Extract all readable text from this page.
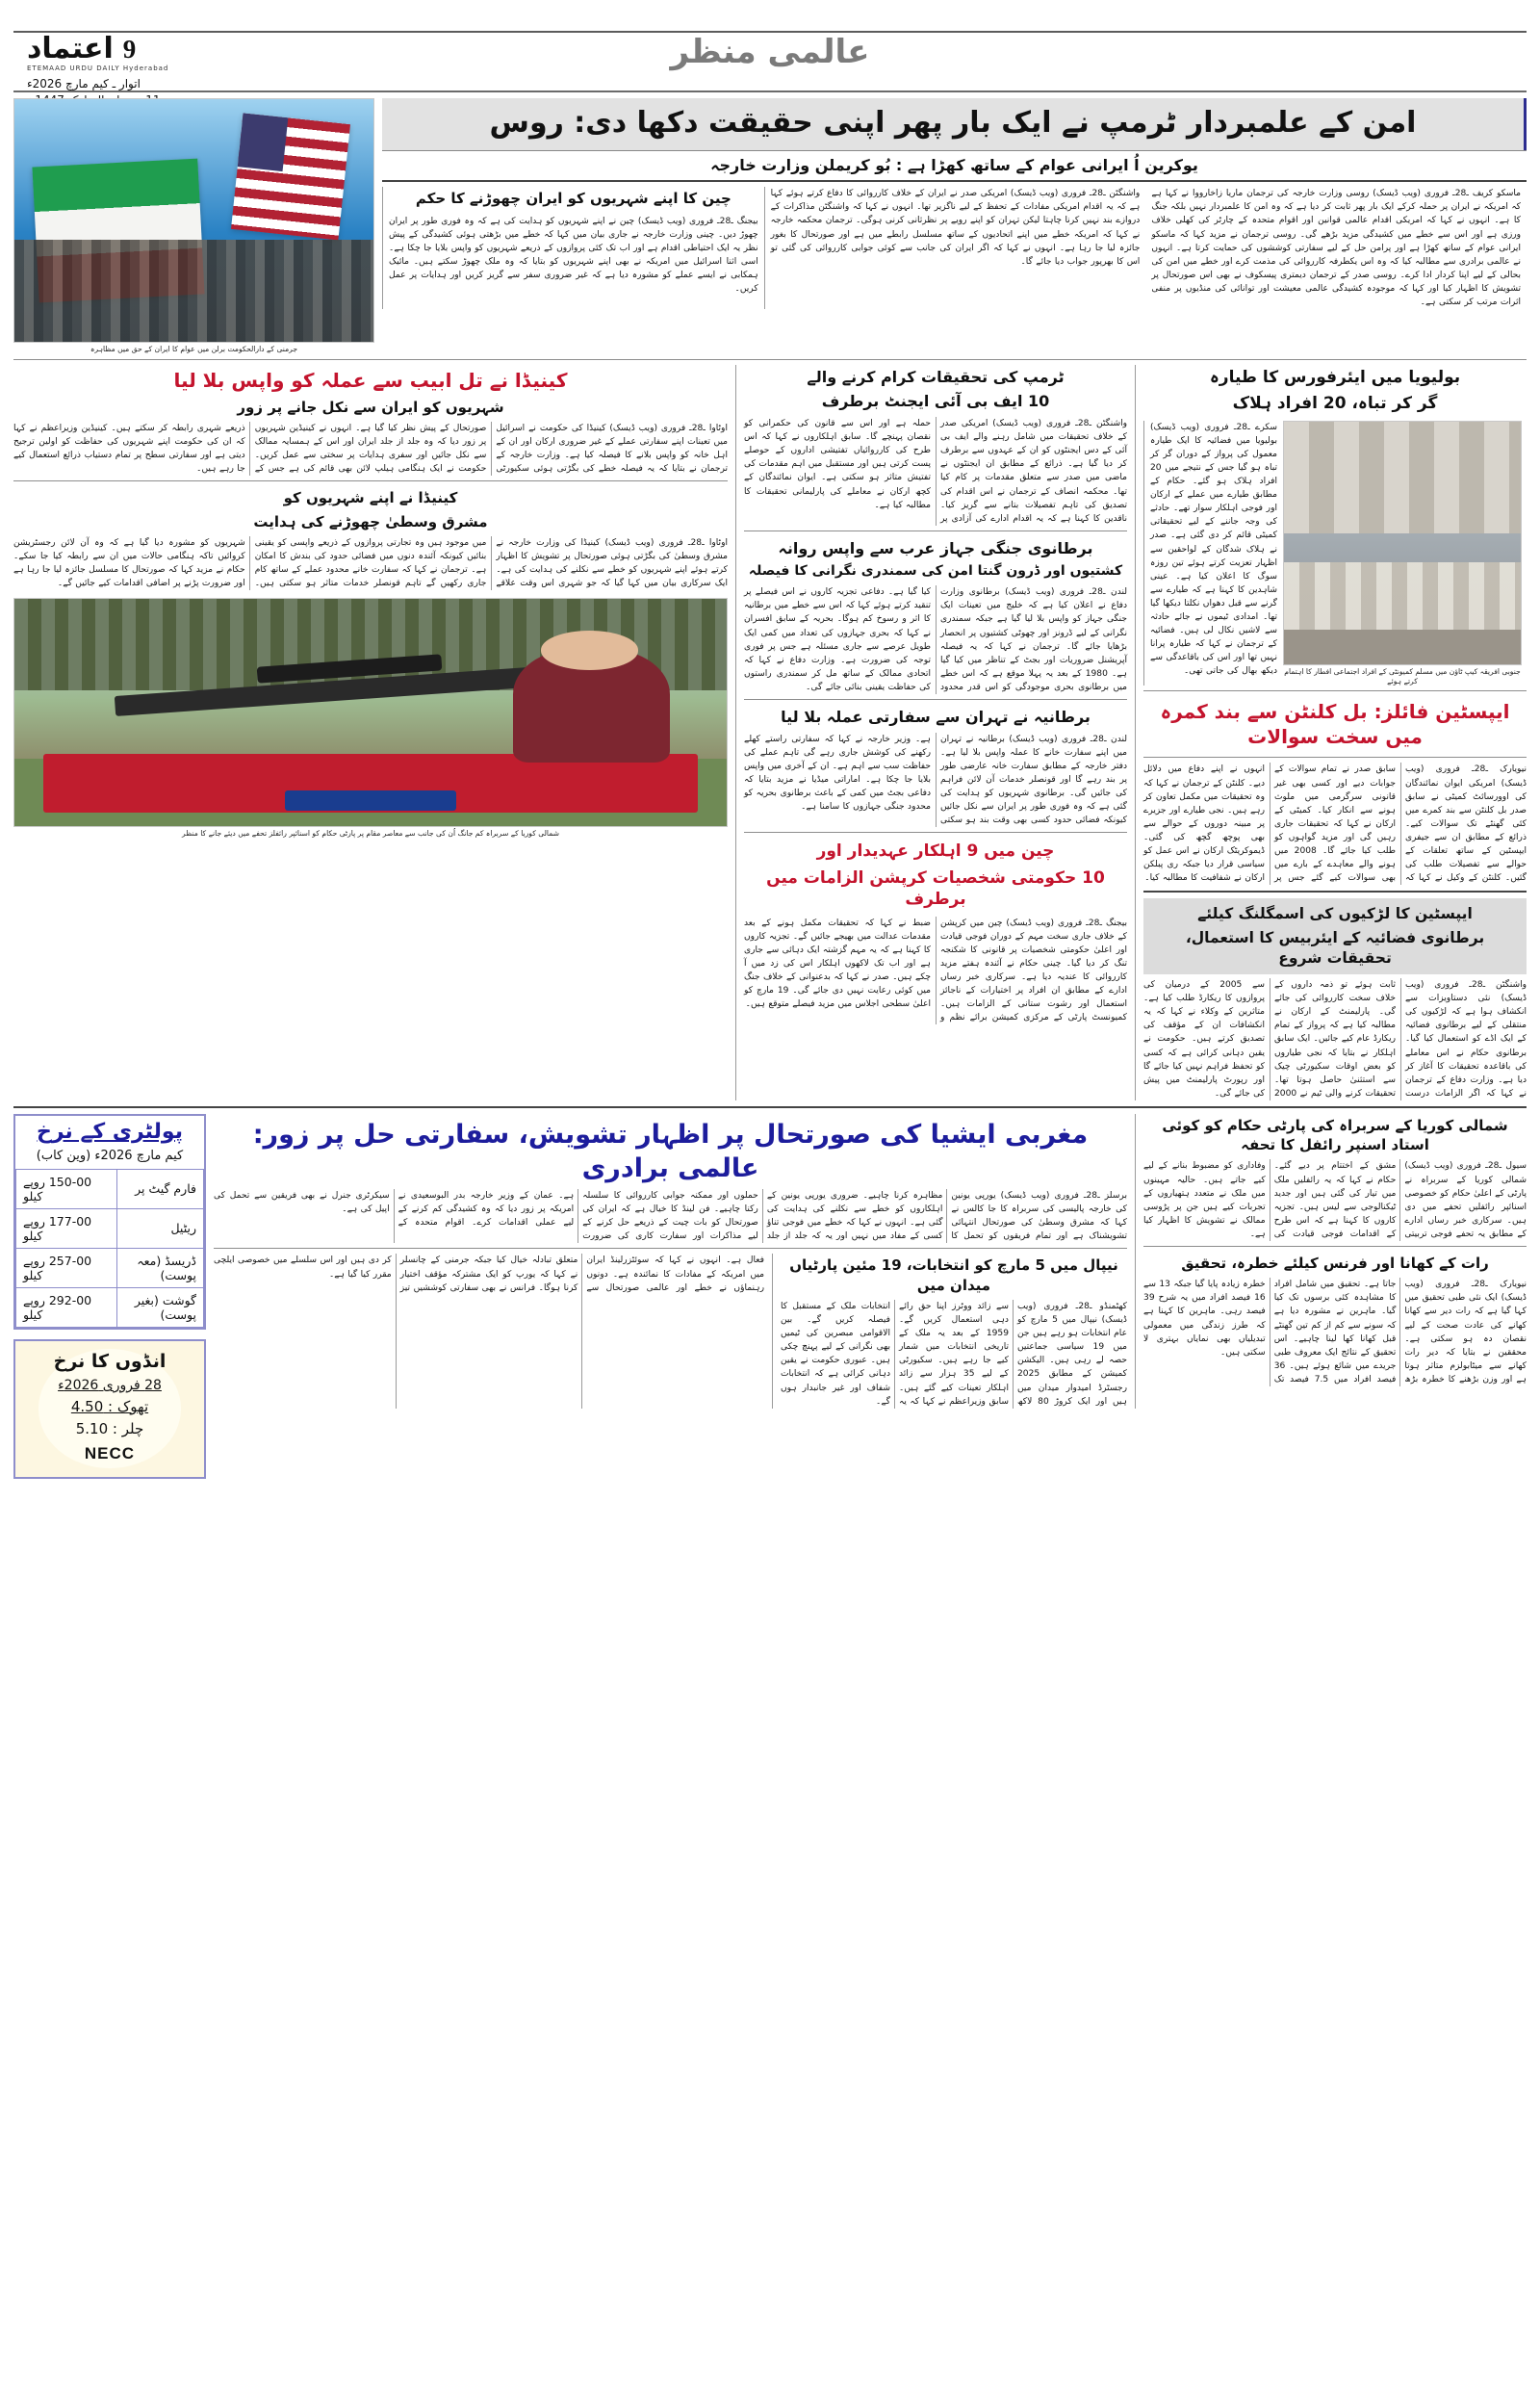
9اعتماد
ETEMAAD URDU DAILY Hyderabad
اتوار ـ کیم مارچ 2026ء
عالمی منظر
امن کے علمبردار ٹرمپ نے ایک بار پھر اپنی حقیقت دکھا دی: روس
یوکرین اُ ایرانی عوام کے ساتھ کھڑا ہے : بُو کریملن وزارت خارجہ
ماسکو کریف ـ28ـ فروری (ویب ڈیسک) روسی وزارت خارجہ کی ترجمان ماریا زاخارووا نے کہا ہے کہ امریکہ نے ایران پر حملہ کرکے ایک بار پھر ثابت کر دیا ہے کہ وہ امن کا علمبردار نہیں بلکہ جنگ کا ہے۔ انہوں نے کہا کہ امریکی اقدام عالمی قوانین اور اقوام متحدہ کے چارٹر کی کھلی خلاف ورزی ہے اور اس سے خطے میں کشیدگی مزید بڑھے گی۔ روسی ترجمان نے مزید کہا کہ ماسکو ایرانی عوام کے ساتھ کھڑا ہے اور پرامن حل کے لیے سفارتی کوششوں کی حمایت کرتا ہے۔ انہوں نے عالمی برادری سے مطالبہ کیا کہ وہ اس یکطرفہ کارروائی کی مذمت کرے اور خطے میں امن کی بحالی کے لیے اپنا کردار ادا کرے۔ روسی صدر کے ترجمان دیمتری پیسکوف نے بھی اس صورتحال پر تشویش کا اظہار کیا اور کہا کہ موجودہ کشیدگی عالمی معیشت اور توانائی کی منڈیوں پر منفی اثرات مرتب کر سکتی ہے۔
واشنگٹن ـ28ـ فروری (ویب ڈیسک) امریکی صدر نے ایران کے خلاف کارروائی کا دفاع کرتے ہوئے کہا ہے کہ یہ اقدام امریکی مفادات کے تحفظ کے لیے ناگزیر تھا۔ انہوں نے کہا کہ واشنگٹن مذاکرات کے دروازے بند نہیں کرنا چاہتا لیکن تہران کو اپنے رویے پر نظرثانی کرنی ہوگی۔ ترجمان محکمہ خارجہ نے کہا کہ امریکہ خطے میں اپنے اتحادیوں کے ساتھ مسلسل رابطے میں ہے اور صورتحال کا بغور جائزہ لیا جا رہا ہے۔ انہوں نے کہا کہ اگر ایران کی جانب سے کوئی جوابی کارروائی کی گئی تو اس کا بھرپور جواب دیا جائے گا۔
چین کا اپنے شہریوں کو ایران چھوڑنے کا حکم
بیجنگ ـ28ـ فروری (ویب ڈیسک) چین نے اپنے شہریوں کو ہدایت کی ہے کہ وہ فوری طور پر ایران چھوڑ دیں۔ چینی وزارت خارجہ نے جاری بیان میں کہا کہ خطے میں بڑھتی ہوئی کشیدگی کے پیش نظر یہ ایک احتیاطی اقدام ہے اور اب تک کئی پروازوں کے ذریعے شہریوں کو واپس بلایا جا چکا ہے۔ اسی اثنا اسرائیل میں امریکہ نے بھی اپنے شہریوں کو بتایا کہ وہ ملک چھوڑ سکتے ہیں۔ مائیک ہمکابی نے ایسے عملے کو مشورہ دیا ہے کہ غیر ضروری سفر سے گریز کریں اور ہدایات پر عمل کریں۔
جرمنی کے دارالحکومت برلن میں عوام کا ایران کے حق میں مظاہرہ
بولیویا میں ایئرفورس کا طیارہ
گر کر تباہ، 20 افراد ہلاک
جنوبی افریقہ کیپ ٹاؤن میں مسلم کمیونٹی کے افراد اجتماعی افطار کا اہتمام کرتے ہوئے
سکرے ـ28ـ فروری (ویب ڈیسک) بولیویا میں فضائیہ کا ایک طیارہ معمول کی پرواز کے دوران گر کر تباہ ہو گیا جس کے نتیجے میں 20 افراد ہلاک ہو گئے۔ حکام کے مطابق طیارے میں عملے کے ارکان اور فوجی اہلکار سوار تھے۔ حادثے کی وجہ جاننے کے لیے تحقیقاتی کمیٹی قائم کر دی گئی ہے۔ صدر نے ہلاک شدگان کے لواحقین سے اظہار تعزیت کرتے ہوئے تین روزہ سوگ کا اعلان کیا ہے۔ عینی شاہدین کا کہنا ہے کہ طیارے سے گرنے سے قبل دھواں نکلتا دیکھا گیا تھا۔ امدادی ٹیموں نے جائے حادثہ سے لاشیں نکال لی ہیں۔ فضائیہ کے ترجمان نے کہا کہ طیارہ پرانا نہیں تھا اور اس کی باقاعدگی سے دیکھ بھال کی جاتی تھی۔
ایپسٹین فائلز: بل کلنٹن سے بند کمرہ میں سخت سوالات
نیویارک ـ28ـ فروری (ویب ڈیسک) امریکی ایوان نمائندگان کی اوورسائٹ کمیٹی نے سابق صدر بل کلنٹن سے بند کمرے میں کئی گھنٹے تک سوالات کیے۔ ذرائع کے مطابق ان سے جیفری ایپسٹین کے ساتھ تعلقات کے حوالے سے تفصیلات طلب کی گئیں۔ کلنٹن کے وکیل نے کہا کہ سابق صدر نے تمام سوالات کے جوابات دیے اور کسی بھی غیر قانونی سرگرمی میں ملوث ہونے سے انکار کیا۔ کمیٹی کے ارکان نے کہا کہ تحقیقات جاری رہیں گی اور مزید گواہوں کو طلب کیا جائے گا۔ 2008 میں ہونے والے معاہدے کے بارے میں بھی سوالات کیے گئے جس پر انہوں نے اپنے دفاع میں دلائل دیے۔ کلنٹن کے ترجمان نے کہا کہ وہ تحقیقات میں مکمل تعاون کر رہے ہیں۔ نجی طیارے اور جزیرے پر مبینہ دوروں کے حوالے سے بھی پوچھ گچھ کی گئی۔ ڈیموکریٹک ارکان نے اس عمل کو سیاسی قرار دیا جبکہ ری پبلکن ارکان نے شفافیت کا مطالبہ کیا۔
ایپسٹین کا لڑکیوں کی اسمگلنگ کیلئے
برطانوی فضائیہ کے ایئربیس کا استعمال، تحقیقات شروع
واشنگٹن ـ28ـ فروری (ویب ڈیسک) نئی دستاویزات سے انکشاف ہوا ہے کہ لڑکیوں کی منتقلی کے لیے برطانوی فضائیہ کے ایک اڈے کو استعمال کیا گیا۔ برطانوی حکام نے اس معاملے کی باقاعدہ تحقیقات کا آغاز کر دیا ہے۔ وزارت دفاع کے ترجمان نے کہا کہ اگر الزامات درست ثابت ہوئے تو ذمہ داروں کے خلاف سخت کارروائی کی جائے گی۔ پارلیمنٹ کے ارکان نے مطالبہ کیا ہے کہ پرواز کے تمام ریکارڈ عام کیے جائیں۔ ایک سابق اہلکار نے بتایا کہ نجی طیاروں کو بعض اوقات سکیورٹی چیک سے استثنیٰ حاصل ہوتا تھا۔ تحقیقات کرنے والی ٹیم نے 2000 سے 2005 کے درمیان کی پروازوں کا ریکارڈ طلب کیا ہے۔ متاثرین کے وکلاء نے کہا کہ یہ انکشافات ان کے مؤقف کی تصدیق کرتے ہیں۔ حکومت نے یقین دہانی کرائی ہے کہ کسی کو تحفظ فراہم نہیں کیا جائے گا اور رپورٹ پارلیمنٹ میں پیش کی جائے گی۔
ٹرمپ کی تحقیقات کرام کرنے والے
10 ایف بی آئی ایجنٹ برطرف
واشنگٹن ـ28ـ فروری (ویب ڈیسک) امریکی صدر کے خلاف تحقیقات میں شامل رہنے والے ایف بی آئی کے دس ایجنٹوں کو ان کے عہدوں سے برطرف کر دیا گیا ہے۔ ذرائع کے مطابق ان ایجنٹوں نے ماضی میں صدر سے متعلق مقدمات پر کام کیا تھا۔ محکمہ انصاف کے ترجمان نے اس اقدام کی تصدیق کی تاہم تفصیلات بتانے سے گریز کیا۔ ناقدین کا کہنا ہے کہ یہ اقدام ادارے کی آزادی پر حملہ ہے اور اس سے قانون کی حکمرانی کو نقصان پہنچے گا۔ سابق اہلکاروں نے کہا کہ اس طرح کی کارروائیاں تفتیشی اداروں کے حوصلے پست کرتی ہیں اور مستقبل میں اہم مقدمات کی تفتیش متاثر ہو سکتی ہے۔ ایوان نمائندگان کے کچھ ارکان نے معاملے کی پارلیمانی تحقیقات کا مطالبہ کیا ہے۔
برطانوی جنگی جہاز عرب سے واپس روانہ
کشتیوں اور ڈرون گنتا امن کی سمندری نگرانی کا فیصلہ
لندن ـ28ـ فروری (ویب ڈیسک) برطانوی وزارت دفاع نے اعلان کیا ہے کہ خلیج میں تعینات ایک جنگی جہاز کو واپس بلا لیا گیا ہے جبکہ سمندری نگرانی کے لیے ڈرونز اور چھوٹی کشتیوں پر انحصار بڑھایا جائے گا۔ ترجمان نے کہا کہ یہ فیصلہ آپریشنل ضروریات اور بجٹ کے تناظر میں کیا گیا ہے۔ 1980 کے بعد یہ پہلا موقع ہے کہ اس خطے میں برطانوی بحری موجودگی کو اس قدر محدود کیا گیا ہے۔ دفاعی تجزیہ کاروں نے اس فیصلے پر تنقید کرتے ہوئے کہا کہ اس سے خطے میں برطانیہ کا اثر و رسوخ کم ہوگا۔ بحریہ کے سابق افسران نے کہا کہ بحری جہازوں کی تعداد میں کمی ایک طویل عرصے سے جاری مسئلہ ہے جس پر فوری توجہ کی ضرورت ہے۔ وزارت دفاع نے کہا کہ اتحادی ممالک کے ساتھ مل کر سمندری راستوں کی حفاظت یقینی بنائی جائے گی۔
برطانیہ نے تہران سے سفارتی عملہ بلا لیا
لندن ـ28ـ فروری (ویب ڈیسک) برطانیہ نے تہران میں اپنے سفارت خانے کا عملہ واپس بلا لیا ہے۔ دفتر خارجہ کے مطابق سفارت خانہ عارضی طور پر بند رہے گا اور قونصلر خدمات آن لائن فراہم کی جائیں گی۔ برطانوی شہریوں کو ہدایت کی گئی ہے کہ وہ فوری طور پر ایران سے نکل جائیں کیونکہ فضائی حدود کسی بھی وقت بند ہو سکتی ہے۔ وزیر خارجہ نے کہا کہ سفارتی راستے کھلے رکھنے کی کوشش جاری رہے گی تاہم عملے کی حفاظت سب سے اہم ہے۔ ان کے آخری میں واپس بلایا جا چکا ہے۔ اماراتی میڈیا نے مزید بتایا کہ دفاعی بجٹ میں کمی کے باعث برطانوی بحریہ کو محدود جنگی جہازوں کا سامنا ہے۔
چین میں 9 اہلکار عہدیدار اور
10 حکومتی شخصیات کرپشن الزامات میں برطرف
بیجنگ ـ28ـ فروری (ویب ڈیسک) چین میں کرپشن کے خلاف جاری سخت مہم کے دوران فوجی قیادت اور اعلیٰ حکومتی شخصیات پر قانونی کا شکنجہ تنگ کر دیا گیا۔ چینی حکام نے آئندہ ہفتے مزید کارروائی کا عندیہ دیا ہے۔ سرکاری خبر رساں ادارے کے مطابق ان افراد پر اختیارات کے ناجائز استعمال اور رشوت ستانی کے الزامات ہیں۔ کمیونسٹ پارٹی کے مرکزی کمیشن برائے نظم و ضبط نے کہا کہ تحقیقات مکمل ہونے کے بعد مقدمات عدالت میں بھیجے جائیں گے۔ تجزیہ کاروں کا کہنا ہے کہ یہ مہم گزشتہ ایک دہائی سے جاری ہے اور اب تک لاکھوں اہلکار اس کی زد میں آ چکے ہیں۔ صدر نے کہا کہ بدعنوانی کے خلاف جنگ میں کوئی رعایت نہیں دی جائے گی۔ 19 مارچ کو اعلیٰ سطحی اجلاس میں مزید فیصلے متوقع ہیں۔
کینیڈا نے تل ابیب سے عملہ کو واپس بلا لیا
شہریوں کو ایران سے نکل جانے پر زور
اوٹاوا ـ28ـ فروری (ویب ڈیسک) کینیڈا کی حکومت نے اسرائیل میں تعینات اپنے سفارتی عملے کے غیر ضروری ارکان اور ان کے اہل خانہ کو واپس بلانے کا فیصلہ کیا ہے۔ وزارت خارجہ کے ترجمان نے بتایا کہ یہ فیصلہ خطے کی بگڑتی ہوئی سکیورٹی صورتحال کے پیش نظر کیا گیا ہے۔ انہوں نے کینیڈین شہریوں پر زور دیا کہ وہ جلد از جلد ایران اور اس کے ہمسایہ ممالک سے نکل جائیں اور سفری ہدایات پر سختی سے عمل کریں۔ حکومت نے ایک ہنگامی ہیلپ لائن بھی قائم کی ہے جس کے ذریعے شہری رابطہ کر سکتے ہیں۔ کینیڈین وزیراعظم نے کہا کہ ان کی حکومت اپنے شہریوں کی حفاظت کو اولین ترجیح دیتی ہے اور سفارتی سطح پر تمام دستیاب ذرائع استعمال کیے جا رہے ہیں۔
کینیڈا نے اپنے شہریوں کو
مشرق وسطیٰ چھوڑنے کی ہدایت
اوٹاوا ـ28ـ فروری (ویب ڈیسک) کینیڈا کی وزارت خارجہ نے مشرق وسطیٰ کی بگڑتی ہوئی صورتحال پر تشویش کا اظہار کرتے ہوئے اپنے شہریوں کو خطے سے نکلنے کی ہدایت کی ہے۔ ایک سرکاری بیان میں کہا گیا کہ جو شہری اس وقت علاقے میں موجود ہیں وہ تجارتی پروازوں کے ذریعے واپسی کو یقینی بنائیں کیونکہ آئندہ دنوں میں فضائی حدود کی بندش کا امکان ہے۔ ترجمان نے کہا کہ سفارت خانے محدود عملے کے ساتھ کام جاری رکھیں گے تاہم قونصلر خدمات متاثر ہو سکتی ہیں۔ شہریوں کو مشورہ دیا گیا ہے کہ وہ آن لائن رجسٹریشن کروائیں تاکہ ہنگامی حالات میں ان سے رابطہ کیا جا سکے۔ حکام نے مزید کہا کہ صورتحال کا مسلسل جائزہ لیا جا رہا ہے اور ضرورت پڑنے پر اضافی اقدامات کیے جائیں گے۔
شمالی کوریا کے سربراہ کم جانگ اُن کی جانب سے معاصر مقام پر پارٹی حکام کو اسنائپر رائفلز تحفے میں دیئے جانے کا منظر
پولٹری کے نرخ
کیم مارچ 2026ء (وین کاب)
فارم گیٹ پر	150-00 روپے کیلو
ریٹیل	177-00 روپے کیلو
ڈریسڈ (معہ پوست)	257-00 روپے کیلو
گوشت (بغیر پوست)	292-00 روپے کیلو
انڈوں کا نرخ
28 فروری 2026ء
تھوک : 4.50
چلر : 5.10
NECC
شمالی کوریا کے سربراہ کی پارٹی حکام کو کوئی استاد اسنپر رائفل کا تحفہ
سیول ـ28ـ فروری (ویب ڈیسک) شمالی کوریا کے سربراہ نے پارٹی کے اعلیٰ حکام کو خصوصی اسنائپر رائفلیں تحفے میں دی ہیں۔ سرکاری خبر رساں ادارے کے مطابق یہ تحفے فوجی تربیتی مشق کے اختتام پر دیے گئے۔ حکام نے کہا کہ یہ رائفلیں ملک میں تیار کی گئی ہیں اور جدید ٹیکنالوجی سے لیس ہیں۔ تجزیہ کاروں کا کہنا ہے کہ اس طرح کے اقدامات فوجی قیادت کی وفاداری کو مضبوط بنانے کے لیے کیے جاتے ہیں۔ حالیہ مہینوں میں ملک نے متعدد ہتھیاروں کے تجربات کیے ہیں جن پر پڑوسی ممالک نے تشویش کا اظہار کیا ہے۔
رات کے کھانا اور فرنس کیلئے خطرہ، تحقیق
نیویارک ـ28ـ فروری (ویب ڈیسک) ایک نئی طبی تحقیق میں کہا گیا ہے کہ رات دیر سے کھانا کھانے کی عادت صحت کے لیے نقصان دہ ہو سکتی ہے۔ محققین نے بتایا کہ دیر رات کھانے سے میٹابولزم متاثر ہوتا ہے اور وزن بڑھنے کا خطرہ بڑھ جاتا ہے۔ تحقیق میں شامل افراد کا مشاہدہ کئی برسوں تک کیا گیا۔ ماہرین نے مشورہ دیا ہے کہ سونے سے کم از کم تین گھنٹے قبل کھانا کھا لینا چاہیے۔ اس تحقیق کے نتائج ایک معروف طبی جریدے میں شائع ہوئے ہیں۔ 36 فیصد افراد میں 7.5 فیصد تک خطرہ زیادہ پایا گیا جبکہ 13 سے 16 فیصد افراد میں یہ شرح 39 فیصد رہی۔ ماہرین کا کہنا ہے کہ طرز زندگی میں معمولی تبدیلیاں بھی نمایاں بہتری لا سکتی ہیں۔
مغربی ایشیا کی صورتحال پر اظہار تشویش، سفارتی حل پر زور: عالمی برادری
برسلز ـ28ـ فروری (ویب ڈیسک) یورپی یونین کی خارجہ پالیسی کی سربراہ کا جا کالس نے کہا کہ مشرق وسطیٰ کی صورتحال انتہائی تشویشناک ہے اور تمام فریقوں کو تحمل کا مظاہرہ کرنا چاہیے۔ ضروری یورپی یونین کے اہلکاروں کو خطے سے نکلنے کی ہدایت کی گئی ہے۔ انہوں نے کہا کہ خطے میں فوجی تناؤ کسی کے مفاد میں نہیں اور یہ کہ جلد از جلد حملوں اور ممکنہ جوابی کارروائی کا سلسلہ رکنا چاہیے۔ فن لینڈ کا خیال ہے کہ ایران کی صورتحال کو بات چیت کے ذریعے حل کرنے کے لیے مذاکرات اور سفارت کاری کی ضرورت ہے۔ عمان کے وزیر خارجہ بدر البوسعیدی نے امریکہ پر زور دیا کہ وہ کشیدگی کم کرنے کے لیے عملی اقدامات کرے۔ اقوام متحدہ کے سیکرٹری جنرل نے بھی فریقین سے تحمل کی اپیل کی ہے۔
نیپال میں 5 مارچ کو انتخابات، 19 مئین پارٹیاں میدان میں
کھٹمنڈو ـ28ـ فروری (ویب ڈیسک) نیپال میں 5 مارچ کو عام انتخابات ہو رہے ہیں جن میں 19 سیاسی جماعتیں حصہ لے رہی ہیں۔ الیکشن کمیشن کے مطابق 2025 رجسٹرڈ امیدوار میدان میں ہیں اور ایک کروڑ 80 لاکھ سے زائد ووٹرز اپنا حق رائے دہی استعمال کریں گے۔ 1959 کے بعد یہ ملک کے تاریخی انتخابات میں شمار کیے جا رہے ہیں۔ سکیورٹی کے لیے 35 ہزار سے زائد اہلکار تعینات کیے گئے ہیں۔ سابق وزیراعظم نے کہا کہ یہ انتخابات ملک کے مستقبل کا فیصلہ کریں گے۔ بین الاقوامی مبصرین کی ٹیمیں بھی نگرانی کے لیے پہنچ چکی ہیں۔ عبوری حکومت نے یقین دہانی کرائی ہے کہ انتخابات شفاف اور غیر جانبدار ہوں گے۔
فعال ہے۔ انہوں نے کہا کہ سوئٹزرلینڈ ایران میں امریکہ کے مفادات کا نمائندہ ہے۔ دونوں رہنماؤں نے خطے اور عالمی صورتحال سے متعلق تبادلہ خیال کیا جبکہ جرمنی کے چانسلر نے کہا کہ یورپ کو ایک مشترکہ مؤقف اختیار کرنا ہوگا۔ فرانس نے بھی سفارتی کوششیں تیز کر دی ہیں اور اس سلسلے میں خصوصی ایلچی مقرر کیا گیا ہے۔
